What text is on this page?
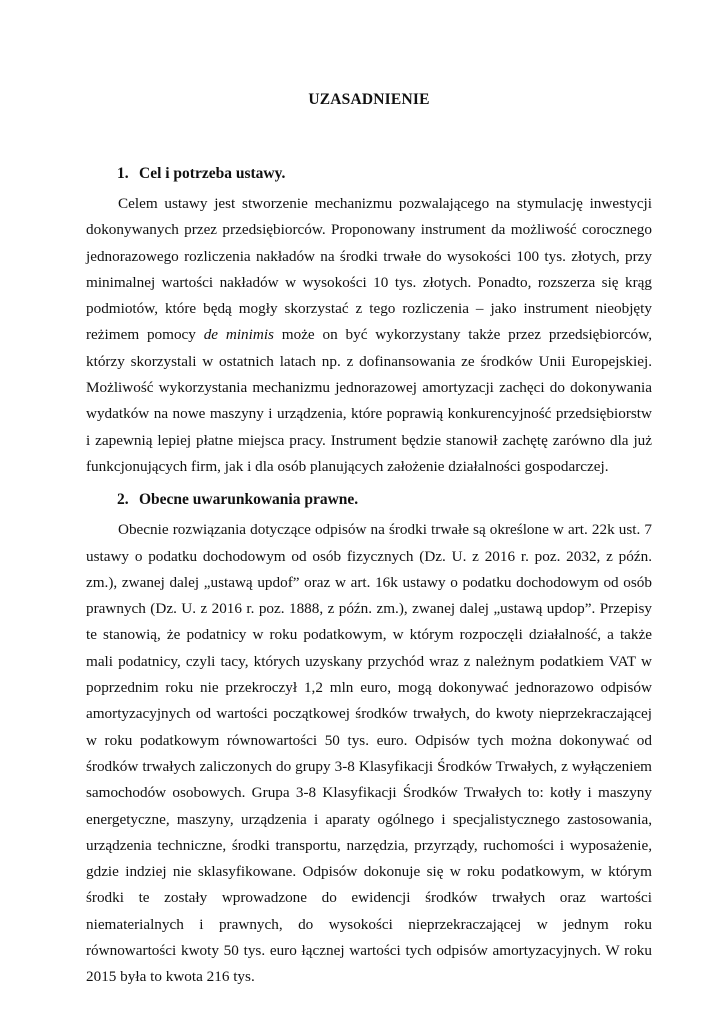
UZASADNIENIE
1. Cel i potrzeba ustawy.

Celem ustawy jest stworzenie mechanizmu pozwalającego na stymulację inwestycji dokonywanych przez przedsiębiorców. Proponowany instrument da możliwość corocznego jednorazowego rozliczenia nakładów na środki trwałe do wysokości 100 tys. złotych, przy minimalnej wartości nakładów w wysokości 10 tys. złotych. Ponadto, rozszerza się krąg podmiotów, które będą mogły skorzystać z tego rozliczenia – jako instrument nieobjęty reżimem pomocy de minimis może on być wykorzystany także przez przedsiębiorców, którzy skorzystali w ostatnich latach np. z dofinansowania ze środków Unii Europejskiej. Możliwość wykorzystania mechanizmu jednorazowej amortyzacji zachęci do dokonywania wydatków na nowe maszyny i urządzenia, które poprawią konkurencyjność przedsiębiorstw i zapewnią lepiej płatne miejsca pracy. Instrument będzie stanowił zachętę zarówno dla już funkcjonujących firm, jak i dla osób planujących założenie działalności gospodarczej.

2. Obecne uwarunkowania prawne.

Obecnie rozwiązania dotyczące odpisów na środki trwałe są określone w art. 22k ust. 7 ustawy o podatku dochodowym od osób fizycznych (Dz. U. z 2016 r. poz. 2032, z późn. zm.), zwanej dalej „ustawą updof” oraz w art. 16k ustawy o podatku dochodowym od osób prawnych (Dz. U. z 2016 r. poz. 1888, z późn. zm.), zwanej dalej „ustawą updop”. Przepisy te stanowią, że podatnicy w roku podatkowym, w którym rozpoczęli działalność, a także mali podatnicy, czyli tacy, których uzyskany przychód wraz z należnym podatkiem VAT w poprzednim roku nie przekroczył 1,2 mln euro, mogą dokonywać jednorazowo odpisów amortyzacyjnych od wartości początkowej środków trwałych, do kwoty nieprzekraczającej w roku podatkowym równowartości 50 tys. euro. Odpisów tych można dokonywać od środków trwałych zaliczonych do grupy 3-8 Klasyfikacji Środków Trwałych, z wyłączeniem samochodów osobowych. Grupa 3-8 Klasyfikacji Środków Trwałych to: kotły i maszyny energetyczne, maszyny, urządzenia i aparaty ogólnego i specjalistycznego zastosowania, urządzenia techniczne, środki transportu, narzędzia, przyrządy, ruchomości i wyposażenie, gdzie indziej nie sklasyfikowane. Odpisów dokonuje się w roku podatkowym, w którym środki te zostały wprowadzone do ewidencji środków trwałych oraz wartości niematerialnych i prawnych, do wysokości nieprzekraczającej w jednym roku równowartości kwoty 50 tys. euro łącznej wartości tych odpisów amortyzacyjnych. W roku 2015 była to kwota 216 tys.
